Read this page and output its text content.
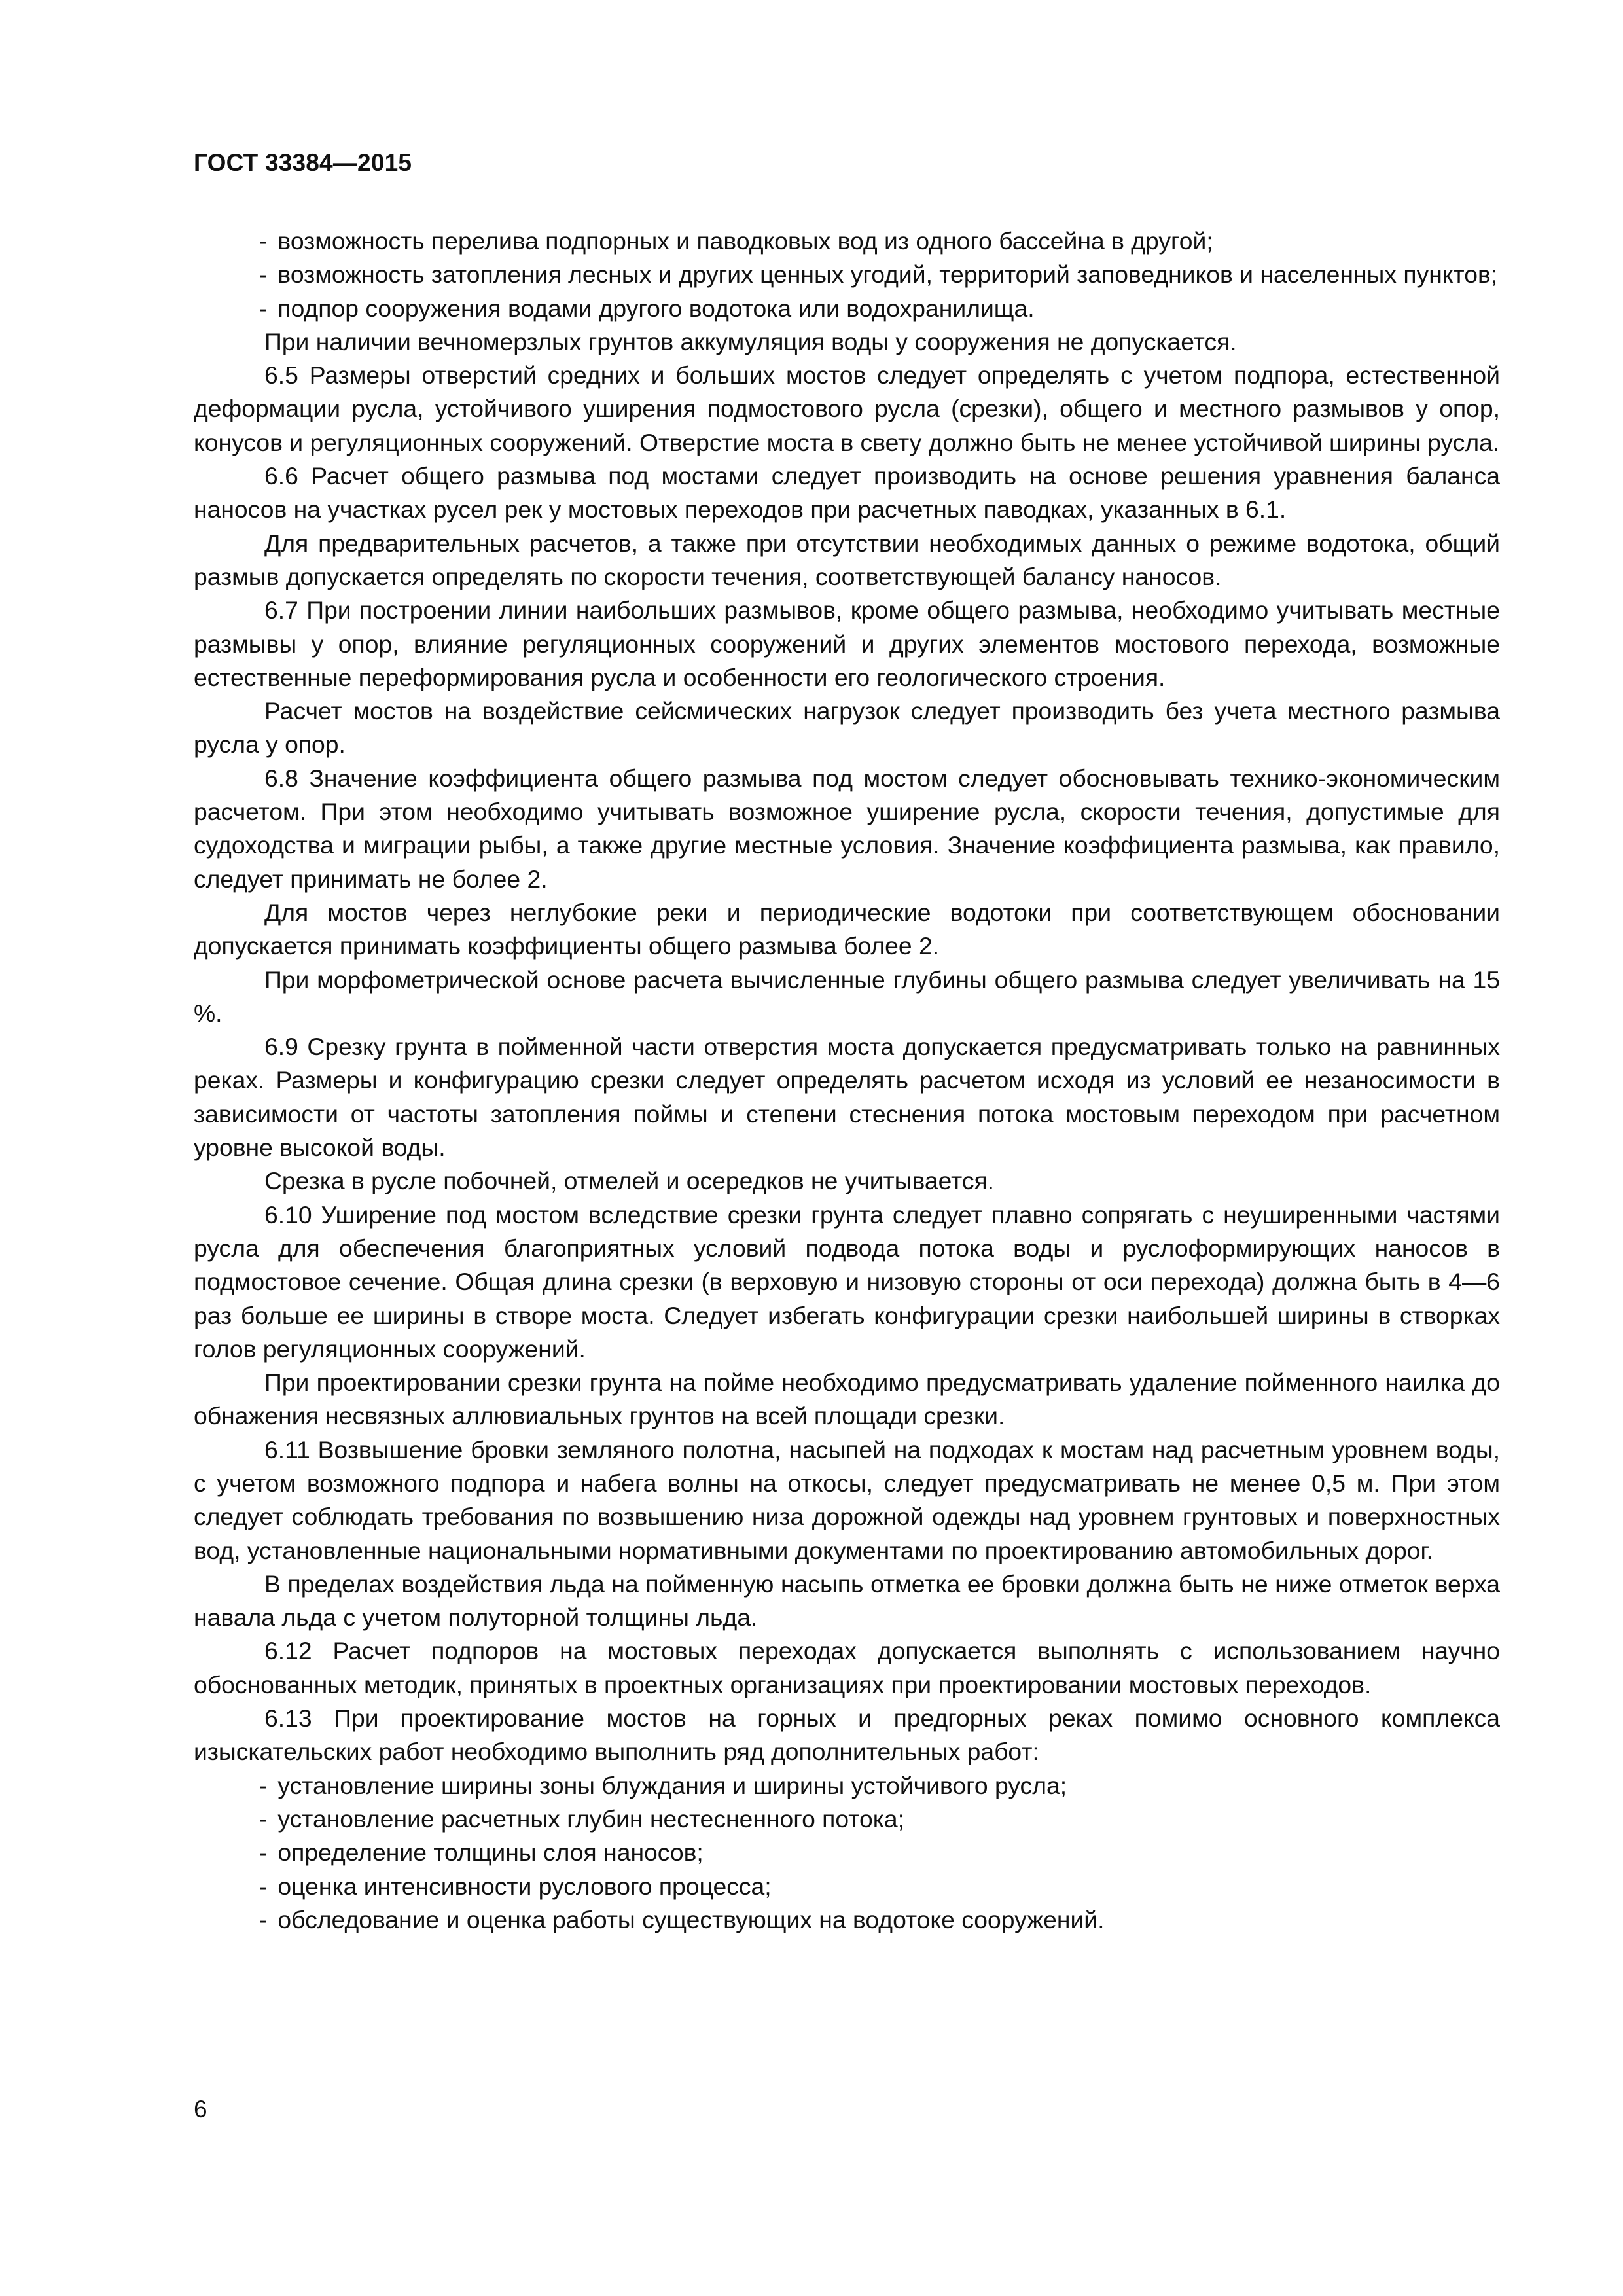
ГОСТ 33384—2015

- возможность перелива подпорных и паводковых вод из одного бассейна в другой;

- возможность затопления лесных и других ценных угодий, территорий заповедников и населенных пунктов;

- подпор сооружения водами другого водотока или водохранилища.

При наличии вечномерзлых грунтов аккумуляция воды у сооружения не допускается.

6.5 Размеры отверстий средних и больших мостов следует определять с учетом подпора, естественной деформации русла, устойчивого уширения подмостового русла (срезки), общего и местного размывов у опор, конусов и регуляционных сооружений. Отверстие моста в свету должно быть не менее устойчивой ширины русла.

6.6 Расчет общего размыва под мостами следует производить на основе решения уравнения баланса наносов на участках русел рек у мостовых переходов при расчетных паводках, указанных в 6.1.

Для предварительных расчетов, а также при отсутствии необходимых данных о режиме водотока, общий размыв допускается определять по скорости течения, соответствующей балансу наносов.

6.7 При построении линии наибольших размывов, кроме общего размыва, необходимо учитывать местные размывы у опор, влияние регуляционных сооружений и других элементов мостового перехода, возможные естественные переформирования русла и особенности его геологического строения.

Расчет мостов на воздействие сейсмических нагрузок следует производить без учета местного размыва русла у опор.

6.8 Значение коэффициента общего размыва под мостом следует обосновывать технико-экономическим расчетом. При этом необходимо учитывать возможное уширение русла, скорости течения, допустимые для судоходства и миграции рыбы, а также другие местные условия. Значение коэффициента размыва, как правило, следует принимать не более 2.

Для мостов через неглубокие реки и периодические водотоки при соответствующем обосновании допускается принимать коэффициенты общего размыва более 2.

При морфометрической основе расчета вычисленные глубины общего размыва следует увеличивать на 15 %.

6.9 Срезку грунта в пойменной части отверстия моста допускается предусматривать только на равнинных реках. Размеры и конфигурацию срезки следует определять расчетом исходя из условий ее незаносимости в зависимости от частоты затопления поймы и степени стеснения потока мостовым переходом при расчетном уровне высокой воды.

Срезка в русле побочней, отмелей и осередков не учитывается.

6.10 Уширение под мостом вследствие срезки грунта следует плавно сопрягать с неуширенными частями русла для обеспечения благоприятных условий подвода потока воды и руслоформирующих наносов в подмостовое сечение. Общая длина срезки (в верховую и низовую стороны от оси перехода) должна быть в 4—6 раз больше ее ширины в створе моста. Следует избегать конфигурации срезки наибольшей ширины в створках голов регуляционных сооружений.

При проектировании срезки грунта на пойме необходимо предусматривать удаление пойменного наилка до обнажения несвязных аллювиальных грунтов на всей площади срезки.

6.11 Возвышение бровки земляного полотна, насыпей на подходах к мостам над расчетным уровнем воды, с учетом возможного подпора и набега волны на откосы, следует предусматривать не менее 0,5 м. При этом следует соблюдать требования по возвышению низа дорожной одежды над уровнем грунтовых и поверхностных вод, установленные национальными нормативными документами по проектированию автомобильных дорог.

В пределах воздействия льда на пойменную насыпь отметка ее бровки должна быть не ниже отметок верха навала льда с учетом полуторной толщины льда.

6.12 Расчет подпоров на мостовых переходах допускается выполнять с использованием научно обоснованных методик, принятых в проектных организациях при проектировании мостовых переходов.

6.13 При проектирование мостов на горных и предгорных реках помимо основного комплекса изыскательских работ необходимо выполнить ряд дополнительных работ:

- установление ширины зоны блуждания и ширины устойчивого русла;

- установление расчетных глубин нестесненного потока;

- определение толщины слоя наносов;

- оценка интенсивности руслового процесса;

- обследование и оценка работы существующих на водотоке сооружений.

6
